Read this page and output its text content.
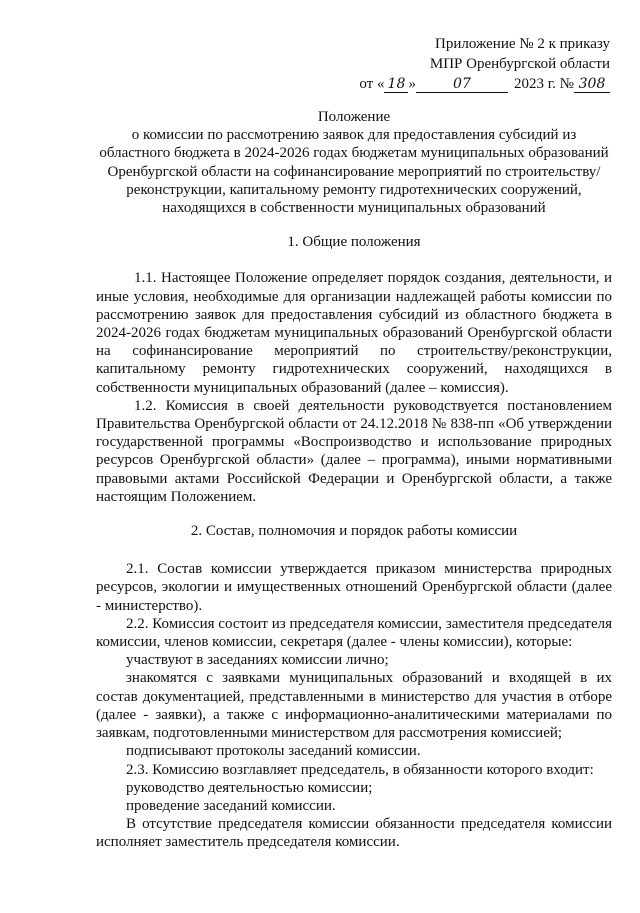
Приложение № 2 к приказу
МПР Оренбургской области
от « 18 »	07	2023 г. № 308
Положение
о комиссии по рассмотрению заявок для предоставления субсидий из областного бюджета в 2024-2026 годах бюджетам муниципальных образований Оренбургской области на софинансирование мероприятий по строительству/реконструкции, капитальному ремонту гидротехнических сооружений, находящихся в собственности муниципальных образований
1. Общие положения

1.1. Настоящее Положение определяет порядок создания, деятельности, и иные условия, необходимые для организации надлежащей работы комиссии по рассмотрению заявок для предоставления субсидий из областного бюджета в 2024-2026 годах бюджетам муниципальных образований Оренбургской области на софинансирование мероприятий по строительству/реконструкции, капитальному ремонту гидротехнических сооружений, находящихся в собственности муниципальных образований (далее – комиссия).

1.2. Комиссия в своей деятельности руководствуется постановлением Правительства Оренбургской области от 24.12.2018 № 838-пп «Об утверждении государственной программы «Воспроизводство и использование природных ресурсов Оренбургской области» (далее – программа), иными нормативными правовыми актами Российской Федерации и Оренбургской области, а также настоящим Положением.

2. Состав, полномочия и порядок работы комиссии

2.1. Состав комиссии утверждается приказом министерства природных ресурсов, экологии и имущественных отношений Оренбургской области (далее - министерство).

2.2. Комиссия состоит из председателя комиссии, заместителя председателя комиссии, членов комиссии, секретаря (далее - члены комиссии), которые:

участвуют в заседаниях комиссии лично;

знакомятся с заявками муниципальных образований и входящей в их состав документацией, представленными в министерство для участия в отборе (далее - заявки), а также с информационно-аналитическими материалами по заявкам, подготовленными министерством для рассмотрения комиссией;

подписывают протоколы заседаний комиссии.

2.3. Комиссию возглавляет председатель, в обязанности которого входит:

руководство деятельностью комиссии;

проведение заседаний комиссии.

В отсутствие председателя комиссии обязанности председателя комиссии исполняет заместитель председателя комиссии.
